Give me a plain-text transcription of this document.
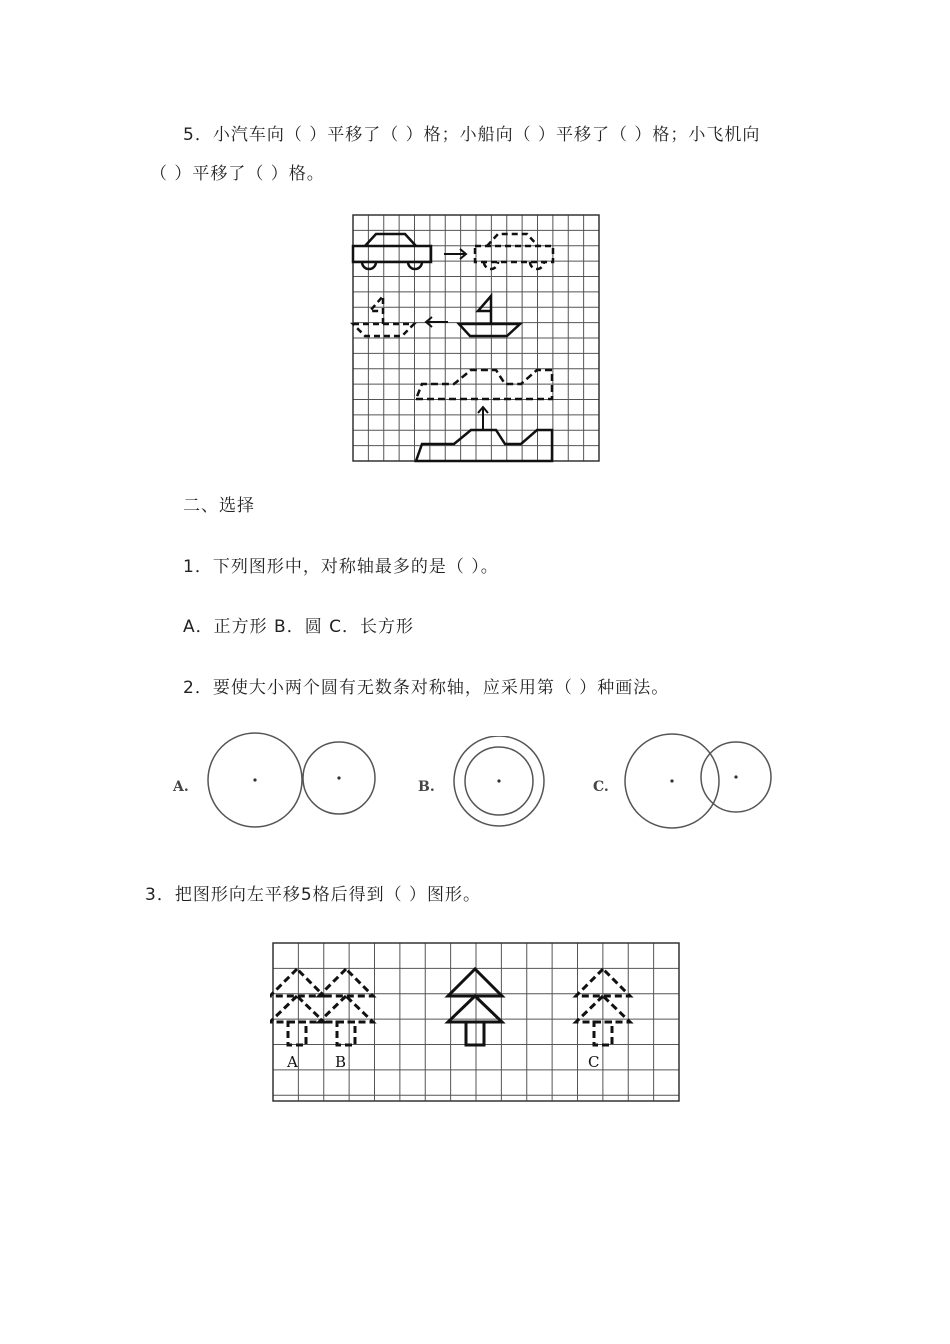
5．小汽车向（ ）平移了（ ）格；小船向（ ）平移了（ ）格；小飞机向
（ ）平移了（ ）格。
二、选择
1．下列图形中，对称轴最多的是（ ）。
A．正方形 B．圆 C．长方形
2．要使大小两个圆有无数条对称轴，应采用第（ ）种画法。
A.	B.	C.
3．把图形向左平移5格后得到（ ）图形。
A B	C
